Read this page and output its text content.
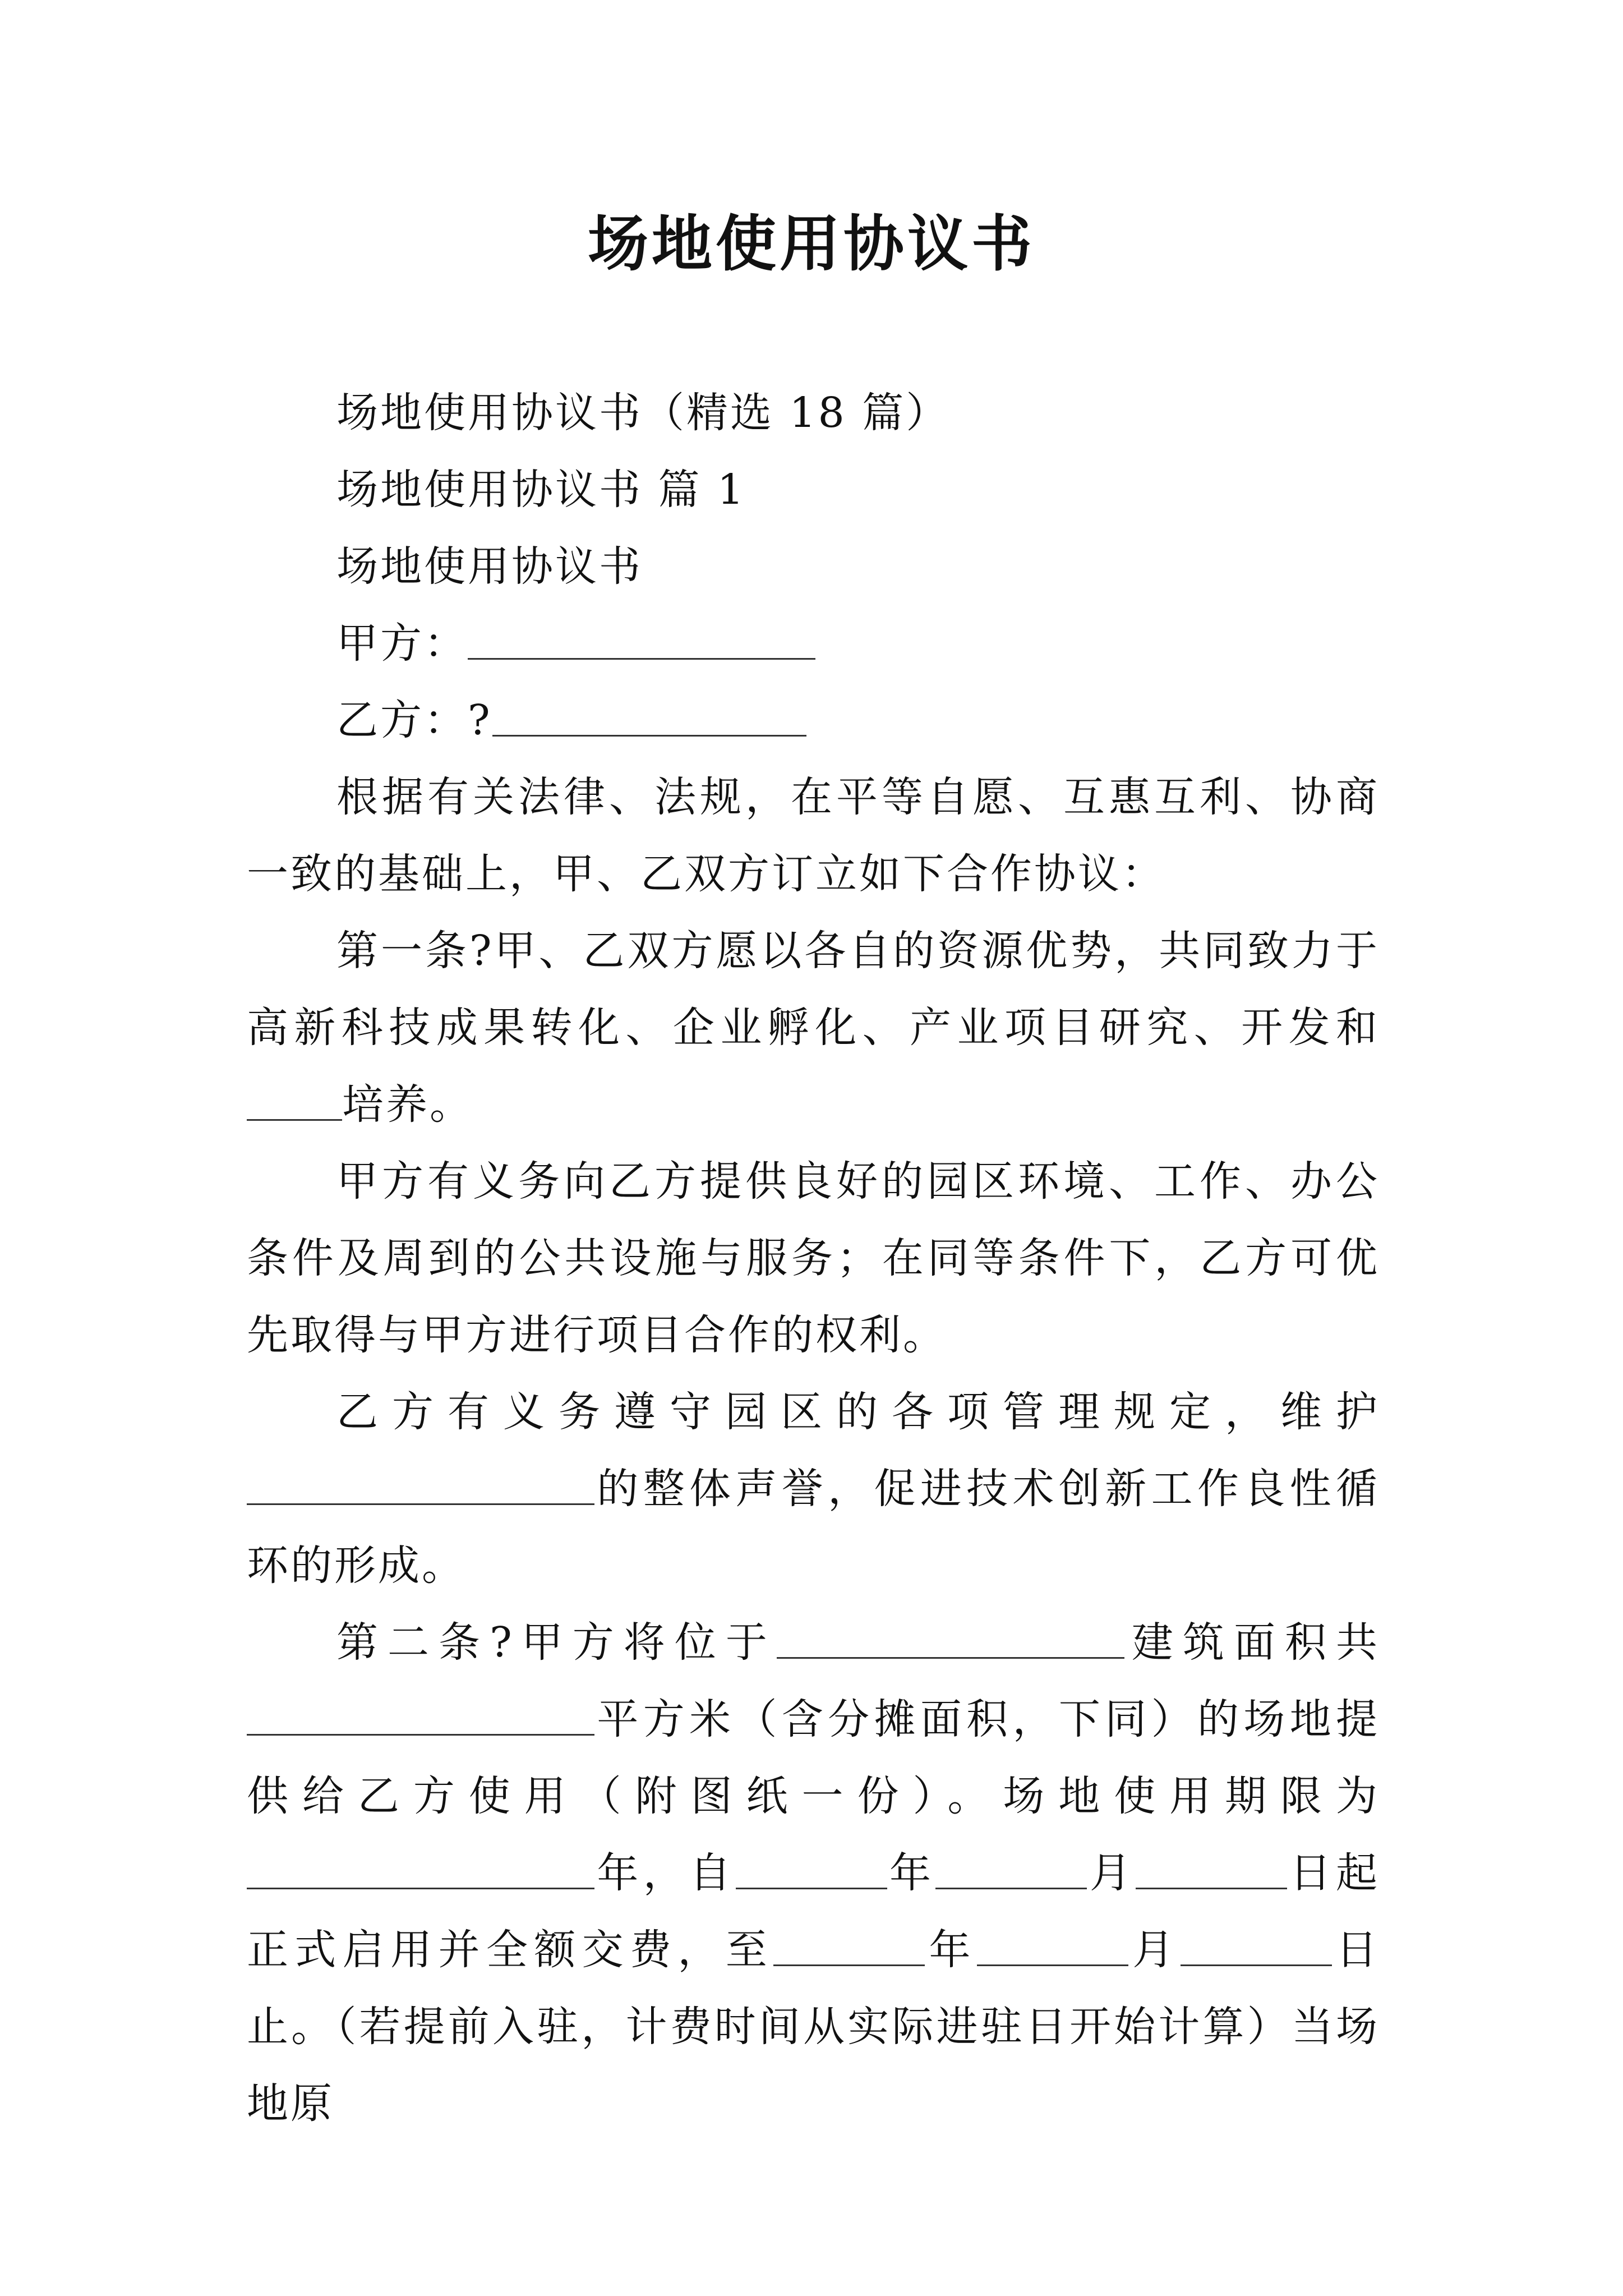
场地使用协议书

场地使用协议书（精选 18 篇）

场地使用协议书 篇 1

场地使用协议书

甲方：

乙方：?

根据有关法律、法规，在平等自愿、互惠互利、协商一致的基础上，甲、乙双方订立如下合作协议：

第一条?甲、乙双方愿以各自的资源优势，共同致力于高新科技成果转化、企业孵化、产业项目研究、开发和培养。

甲方有义务向乙方提供良好的园区环境、工作、办公条件及周到的公共设施与服务；在同等条件下，乙方可优先取得与甲方进行项目合作的权利。

乙方有义务遵守园区的各项管理规定，维护的整体声誉，促进技术创新工作良性循环的形成。

第二条?甲方将位于	建筑面积共平方米（含分摊面积，下同）的场地提供给乙方使用（附图纸一份）。场地使用期限为年，自	年	月	日起正式启用并全额交费，至	年	月	日止。（若提前入驻，计费时间从实际进驻日开始计算）当场地原
